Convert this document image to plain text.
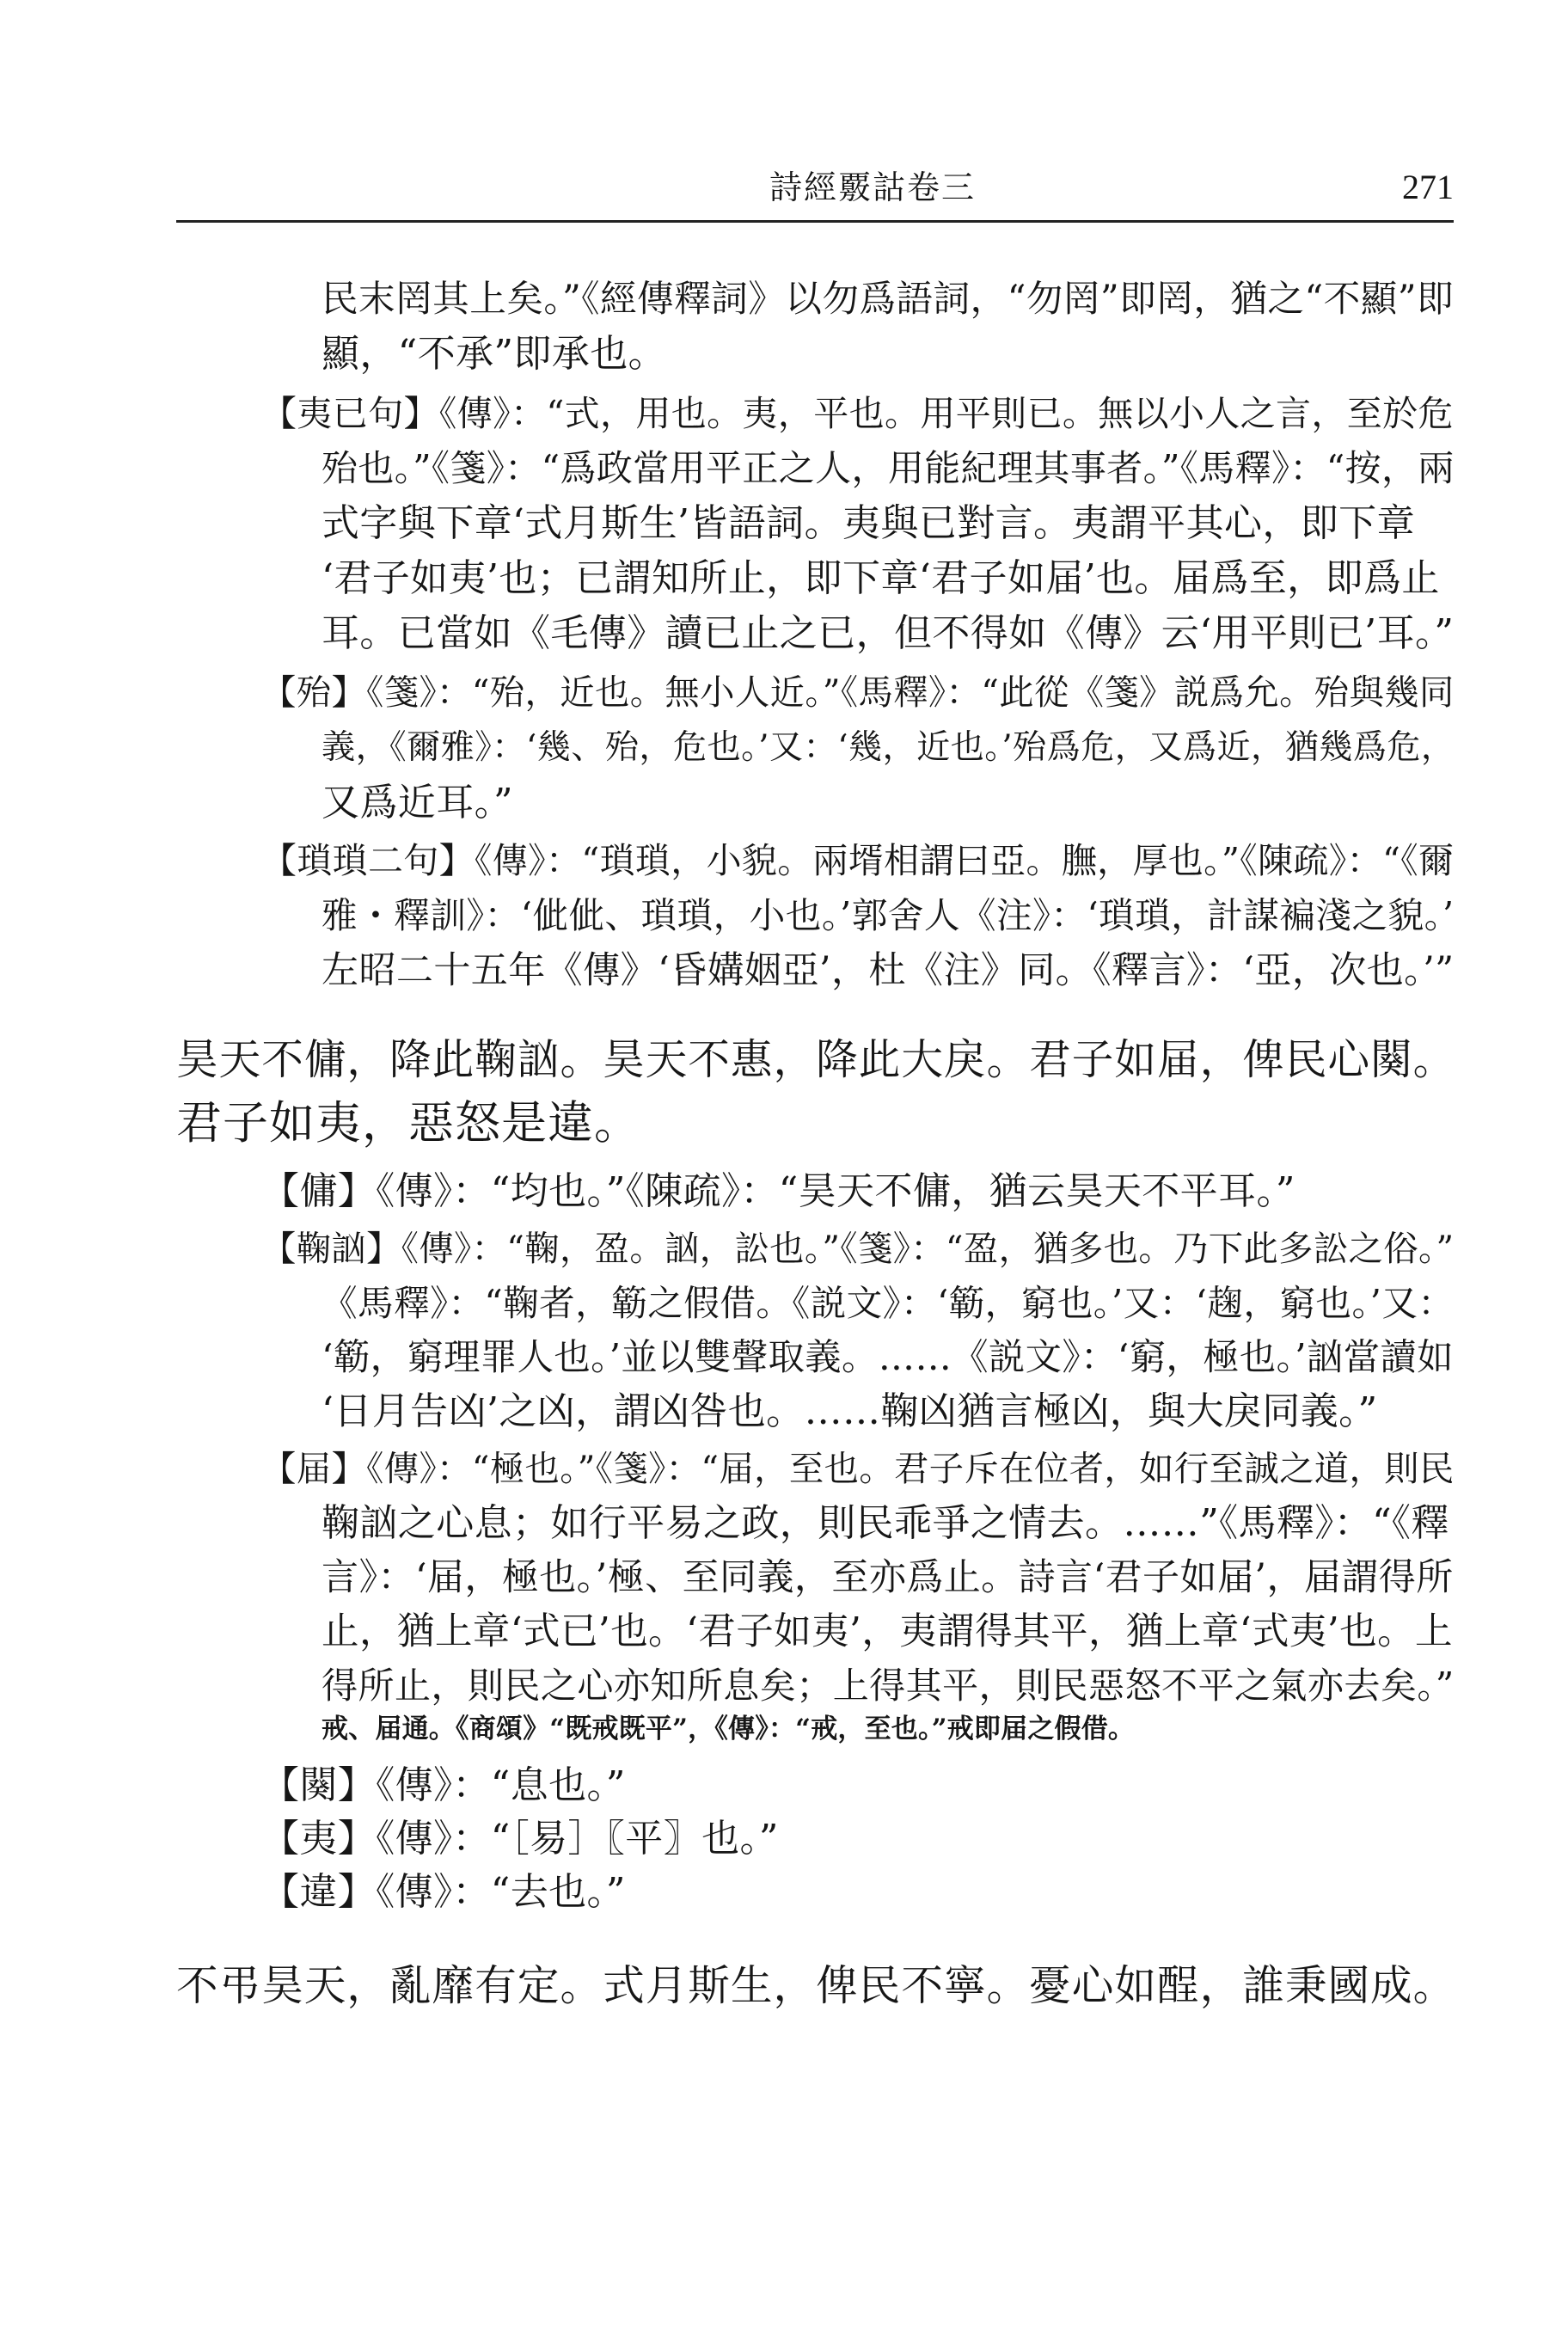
詩經覈詁卷三	271
民末罔其上矣。”《經傳釋詞》以勿爲語詞，“勿罔”即罔，猶之“不顯”即
顯，“不承”即承也。
【夷已句】《傳》：“式，用也。夷，平也。用平則已。無以小人之言，至於危
殆也。”《箋》：“爲政當用平正之人，用能紀理其事者。”《馬釋》：“按，兩
式字與下章‘式月斯生’皆語詞。夷與已對言。夷謂平其心，即下章
‘君子如夷’也；已謂知所止，即下章‘君子如届’也。届爲至，即爲止
耳。已當如《毛傳》讀已止之已，但不得如《傳》云‘用平則已’耳。”
【殆】《箋》：“殆，近也。無小人近。”《馬釋》：“此從《箋》説爲允。殆與幾同
義，《爾雅》：‘幾、殆，危也。’又：‘幾，近也。’殆爲危，又爲近，猶幾爲危，
又爲近耳。”
【瑣瑣二句】《傳》：“瑣瑣，小貌。兩壻相謂曰亞。膴，厚也。”《陳疏》：“《爾
雅・釋訓》：‘佌佌、瑣瑣，小也。’郭舍人《注》：‘瑣瑣，計謀褊淺之貌。’
左昭二十五年《傳》‘昏媾姻亞’，杜《注》同。《釋言》：‘亞，次也。’”
昊天不傭，降此鞠訩。昊天不惠，降此大戾。君子如届，俾民心闋。
君子如夷，惡怒是違。
【傭】《傳》：“均也。”《陳疏》：“昊天不傭，猶云昊天不平耳。”
【鞠訩】《傳》：“鞠，盈。訩，訟也。”《箋》：“盈，猶多也。乃下此多訟之俗。”
《馬釋》：“鞠者，簕之假借。《説文》：‘簕，窮也。’又：‘趜，窮也。’又：
‘簕，窮理罪人也。’並以雙聲取義。……《説文》：‘窮，極也。’訩當讀如
‘日月告凶’之凶，謂凶咎也。……鞠凶猶言極凶，與大戾同義。”
【届】《傳》：“極也。”《箋》：“届，至也。君子斥在位者，如行至誠之道，則民
鞠訩之心息；如行平易之政，則民乖爭之情去。……”《馬釋》：“《釋
言》：‘届，極也。’極、至同義，至亦爲止。詩言‘君子如届’，届謂得所
止，猶上章‘式已’也。‘君子如夷’，夷謂得其平，猶上章‘式夷’也。上
得所止，則民之心亦知所息矣；上得其平，則民惡怒不平之氣亦去矣。”
戒、届通。《商頌》“既戒既平”，《傳》：“戒，至也。”戒即届之假借。
【闋】《傳》：“息也。”
【夷】《傳》：“［易］〖平〗也。”
【違】《傳》：“去也。”
不弔昊天，亂靡有定。式月斯生，俾民不寧。憂心如酲，誰秉國成。
